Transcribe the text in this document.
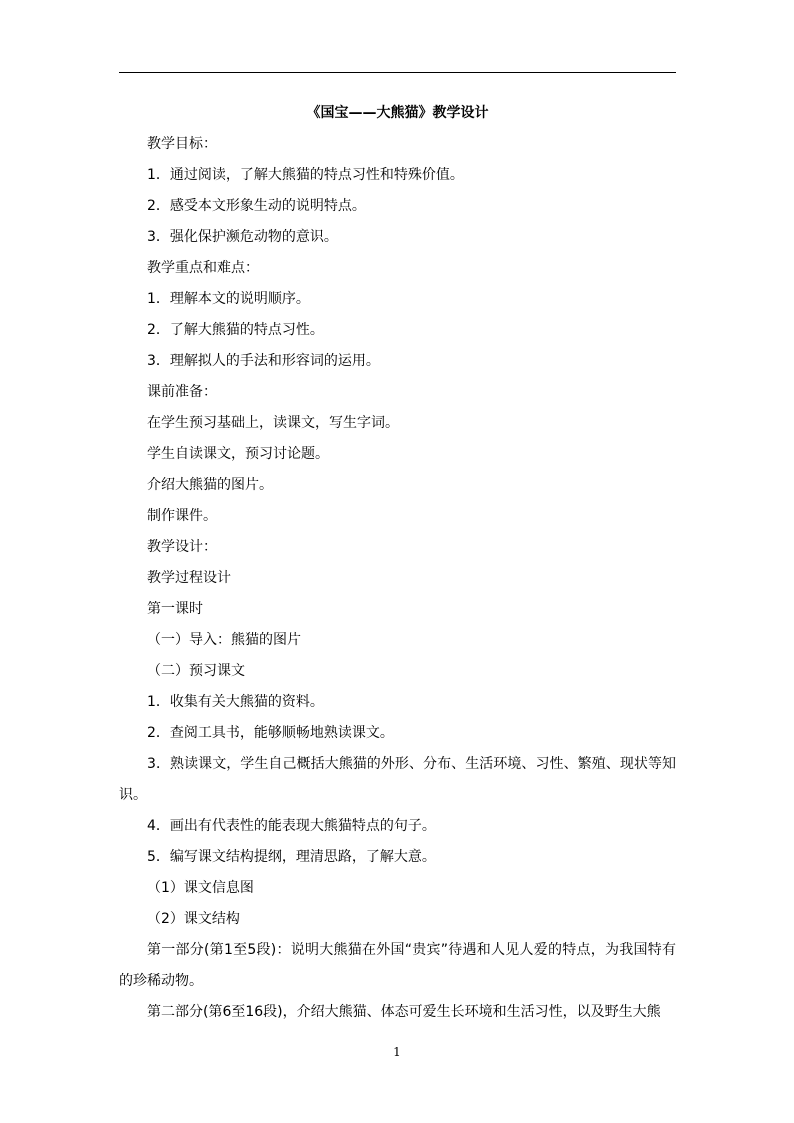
《国宝——大熊猫》教学设计

教学目标：

1．通过阅读，了解大熊猫的特点习性和特殊价值。

2．感受本文形象生动的说明特点。

3．强化保护濒危动物的意识。

教学重点和难点：

1．理解本文的说明顺序。

2．了解大熊猫的特点习性。

3．理解拟人的手法和形容词的运用。

课前准备：

在学生预习基础上，读课文，写生字词。

学生自读课文，预习讨论题。

介绍大熊猫的图片。

制作课件。

教学设计：

教学过程设计

第一课时

（一）导入：熊猫的图片

（二）预习课文

1．收集有关大熊猫的资料。

2．查阅工具书，能够顺畅地熟读课文。

3．熟读课文，学生自己概括大熊猫的外形、分布、生活环境、习性、繁殖、现状等知识。

4．画出有代表性的能表现大熊猫特点的句子。

5．编写课文结构提纲，理清思路，了解大意。

（1）课文信息图

（2）课文结构

第一部分(第1至5段)：说明大熊猫在外国“贵宾”待遇和人见人爱的特点，为我国特有的珍稀动物。

第二部分(第6至16段)，介绍大熊猫、体态可爱生长环境和生活习性，以及野生大熊

1
